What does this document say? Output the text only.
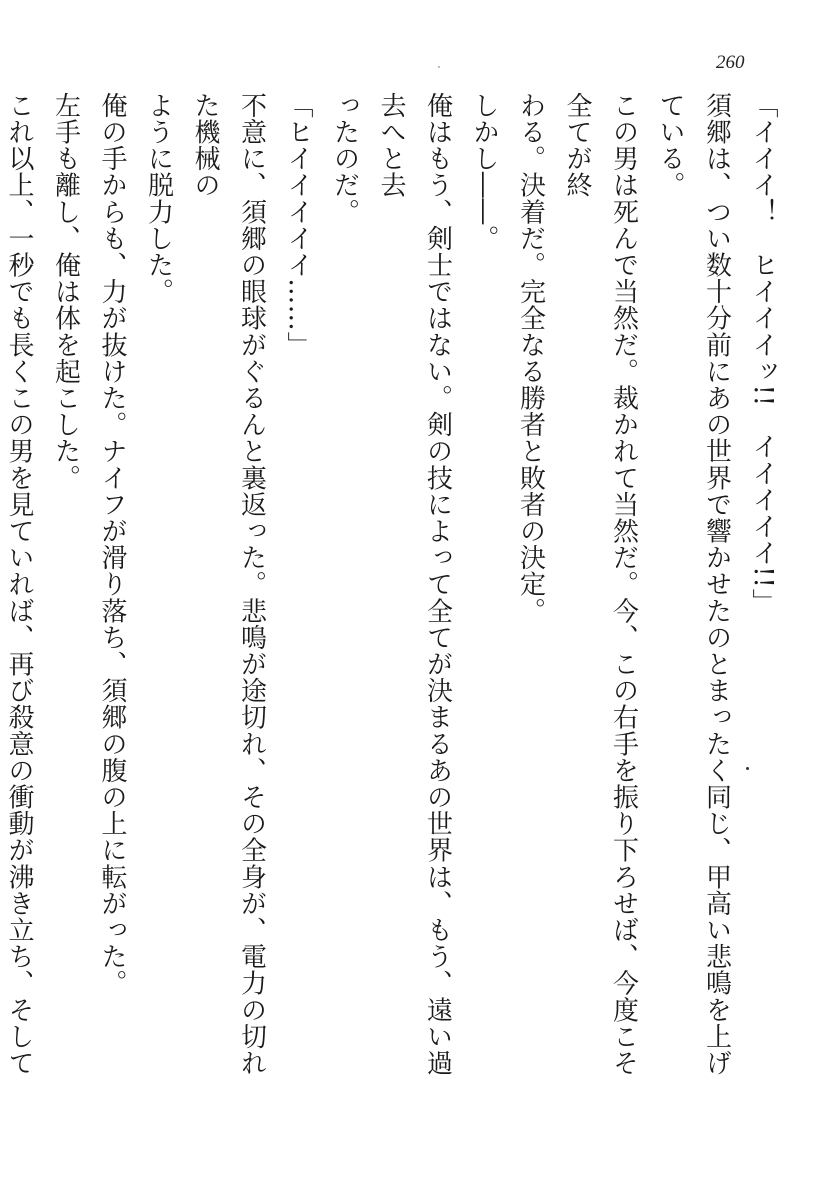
260

「イイイ！　ヒイイイッ!!　イイイイイ!!」

須郷は、つい数十分前にあの世界で響かせたのとまったく同じ、甲高い悲鳴を上げている。

この男は死んで当然だ。裁かれて当然だ。今、この右手を振り下ろせば、今度こそ全てが終

わる。決着だ。完全なる勝者と敗者の決定。

しかし――。

俺はもう、剣士ではない。剣の技によって全てが決まるあの世界は、もう、遠い過去へと去

ったのだ。

「ヒイイイイイ……」

不意に、須郷の眼球がぐるんと裏返った。悲鳴が途切れ、その全身が、電力の切れた機械の

ように脱力した。

俺の手からも、力が抜けた。ナイフが滑り落ち、須郷の腹の上に転がった。

左手も離し、俺は体を起こした。

これ以上、一秒でも長くこの男を見ていれば、再び殺意の衝動が沸き立ち、そして
